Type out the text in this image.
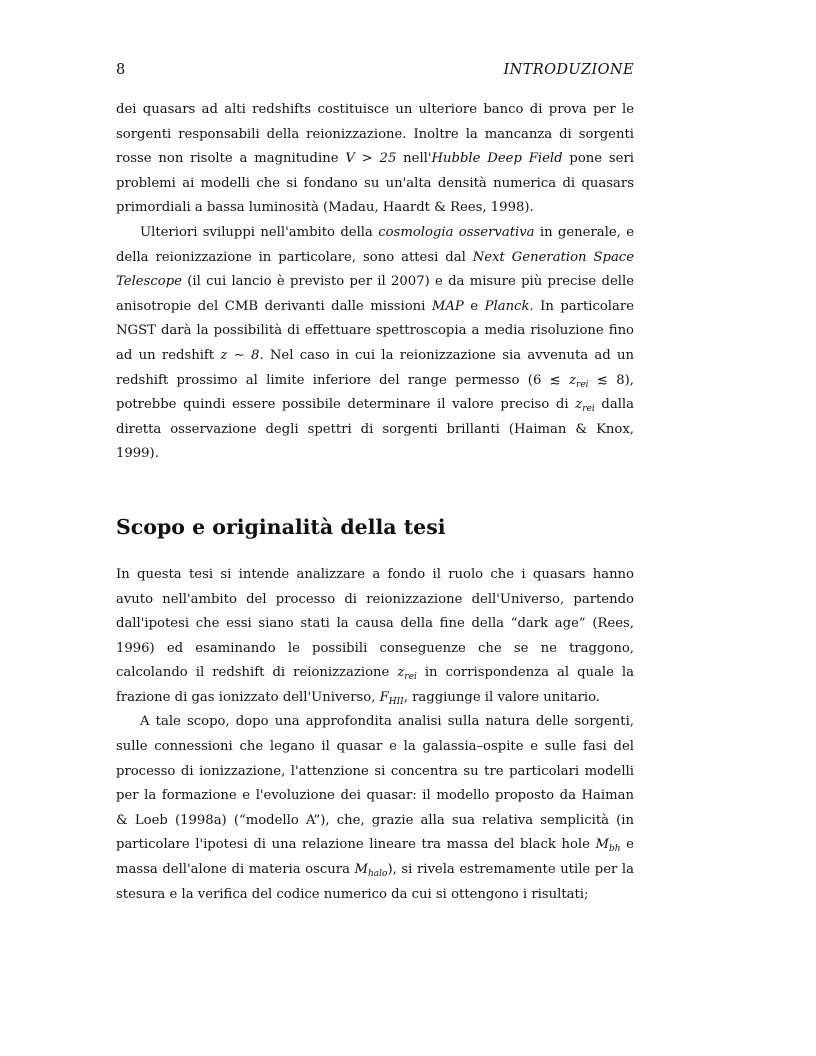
8	INTRODUZIONE

dei quasars ad alti redshifts costituisce un ulteriore banco di prova per le sorgenti responsabili della reionizzazione. Inoltre la mancanza di sorgenti rosse non risolte a magnitudine V > 25 nell'Hubble Deep Field pone seri problemi ai modelli che si fondano su un'alta densità numerica di quasars primordiali a bassa luminosità (Madau, Haardt & Rees, 1998).

Ulteriori sviluppi nell'ambito della cosmologia osservativa in generale, e della reionizzazione in particolare, sono attesi dal Next Generation Space Telescope (il cui lancio è previsto per il 2007) e da misure più precise delle anisotropie del CMB derivanti dalle missioni MAP e Planck. In particolare NGST darà la possibilità di effettuare spettroscopia a media risoluzione fino ad un redshift z ∼ 8. Nel caso in cui la reionizzazione sia avvenuta ad un redshift prossimo al limite inferiore del range permesso (6 ≲ $z_{rei}$ ≲ 8), potrebbe quindi essere possibile determinare il valore preciso di $z_{rei}$ dalla diretta osservazione degli spettri di sorgenti brillanti (Haiman & Knox, 1999).

Scopo e originalità della tesi

In questa tesi si intende analizzare a fondo il ruolo che i quasars hanno avuto nell'ambito del processo di reionizzazione dell'Universo, partendo dall'ipotesi che essi siano stati la causa della fine della “dark age” (Rees, 1996) ed esaminando le possibili conseguenze che se ne traggono, calcolando il redshift di reionizzazione $z_{rei}$ in corrispondenza al quale la frazione di gas ionizzato dell'Universo, $F_{HII}$, raggiunge il valore unitario.

A tale scopo, dopo una approfondita analisi sulla natura delle sorgenti, sulle connessioni che legano il quasar e la galassia–ospite e sulle fasi del processo di ionizzazione, l'attenzione si concentra su tre particolari modelli per la formazione e l'evoluzione dei quasar: il modello proposto da Haiman & Loeb (1998a) (“modello A”), che, grazie alla sua relativa semplicità (in particolare l'ipotesi di una relazione lineare tra massa del black hole $M_{bh}$ e massa dell'alone di materia oscura $M_{halo}$), si rivela estremamente utile per la stesura e la verifica del codice numerico da cui si ottengono i risultati;
